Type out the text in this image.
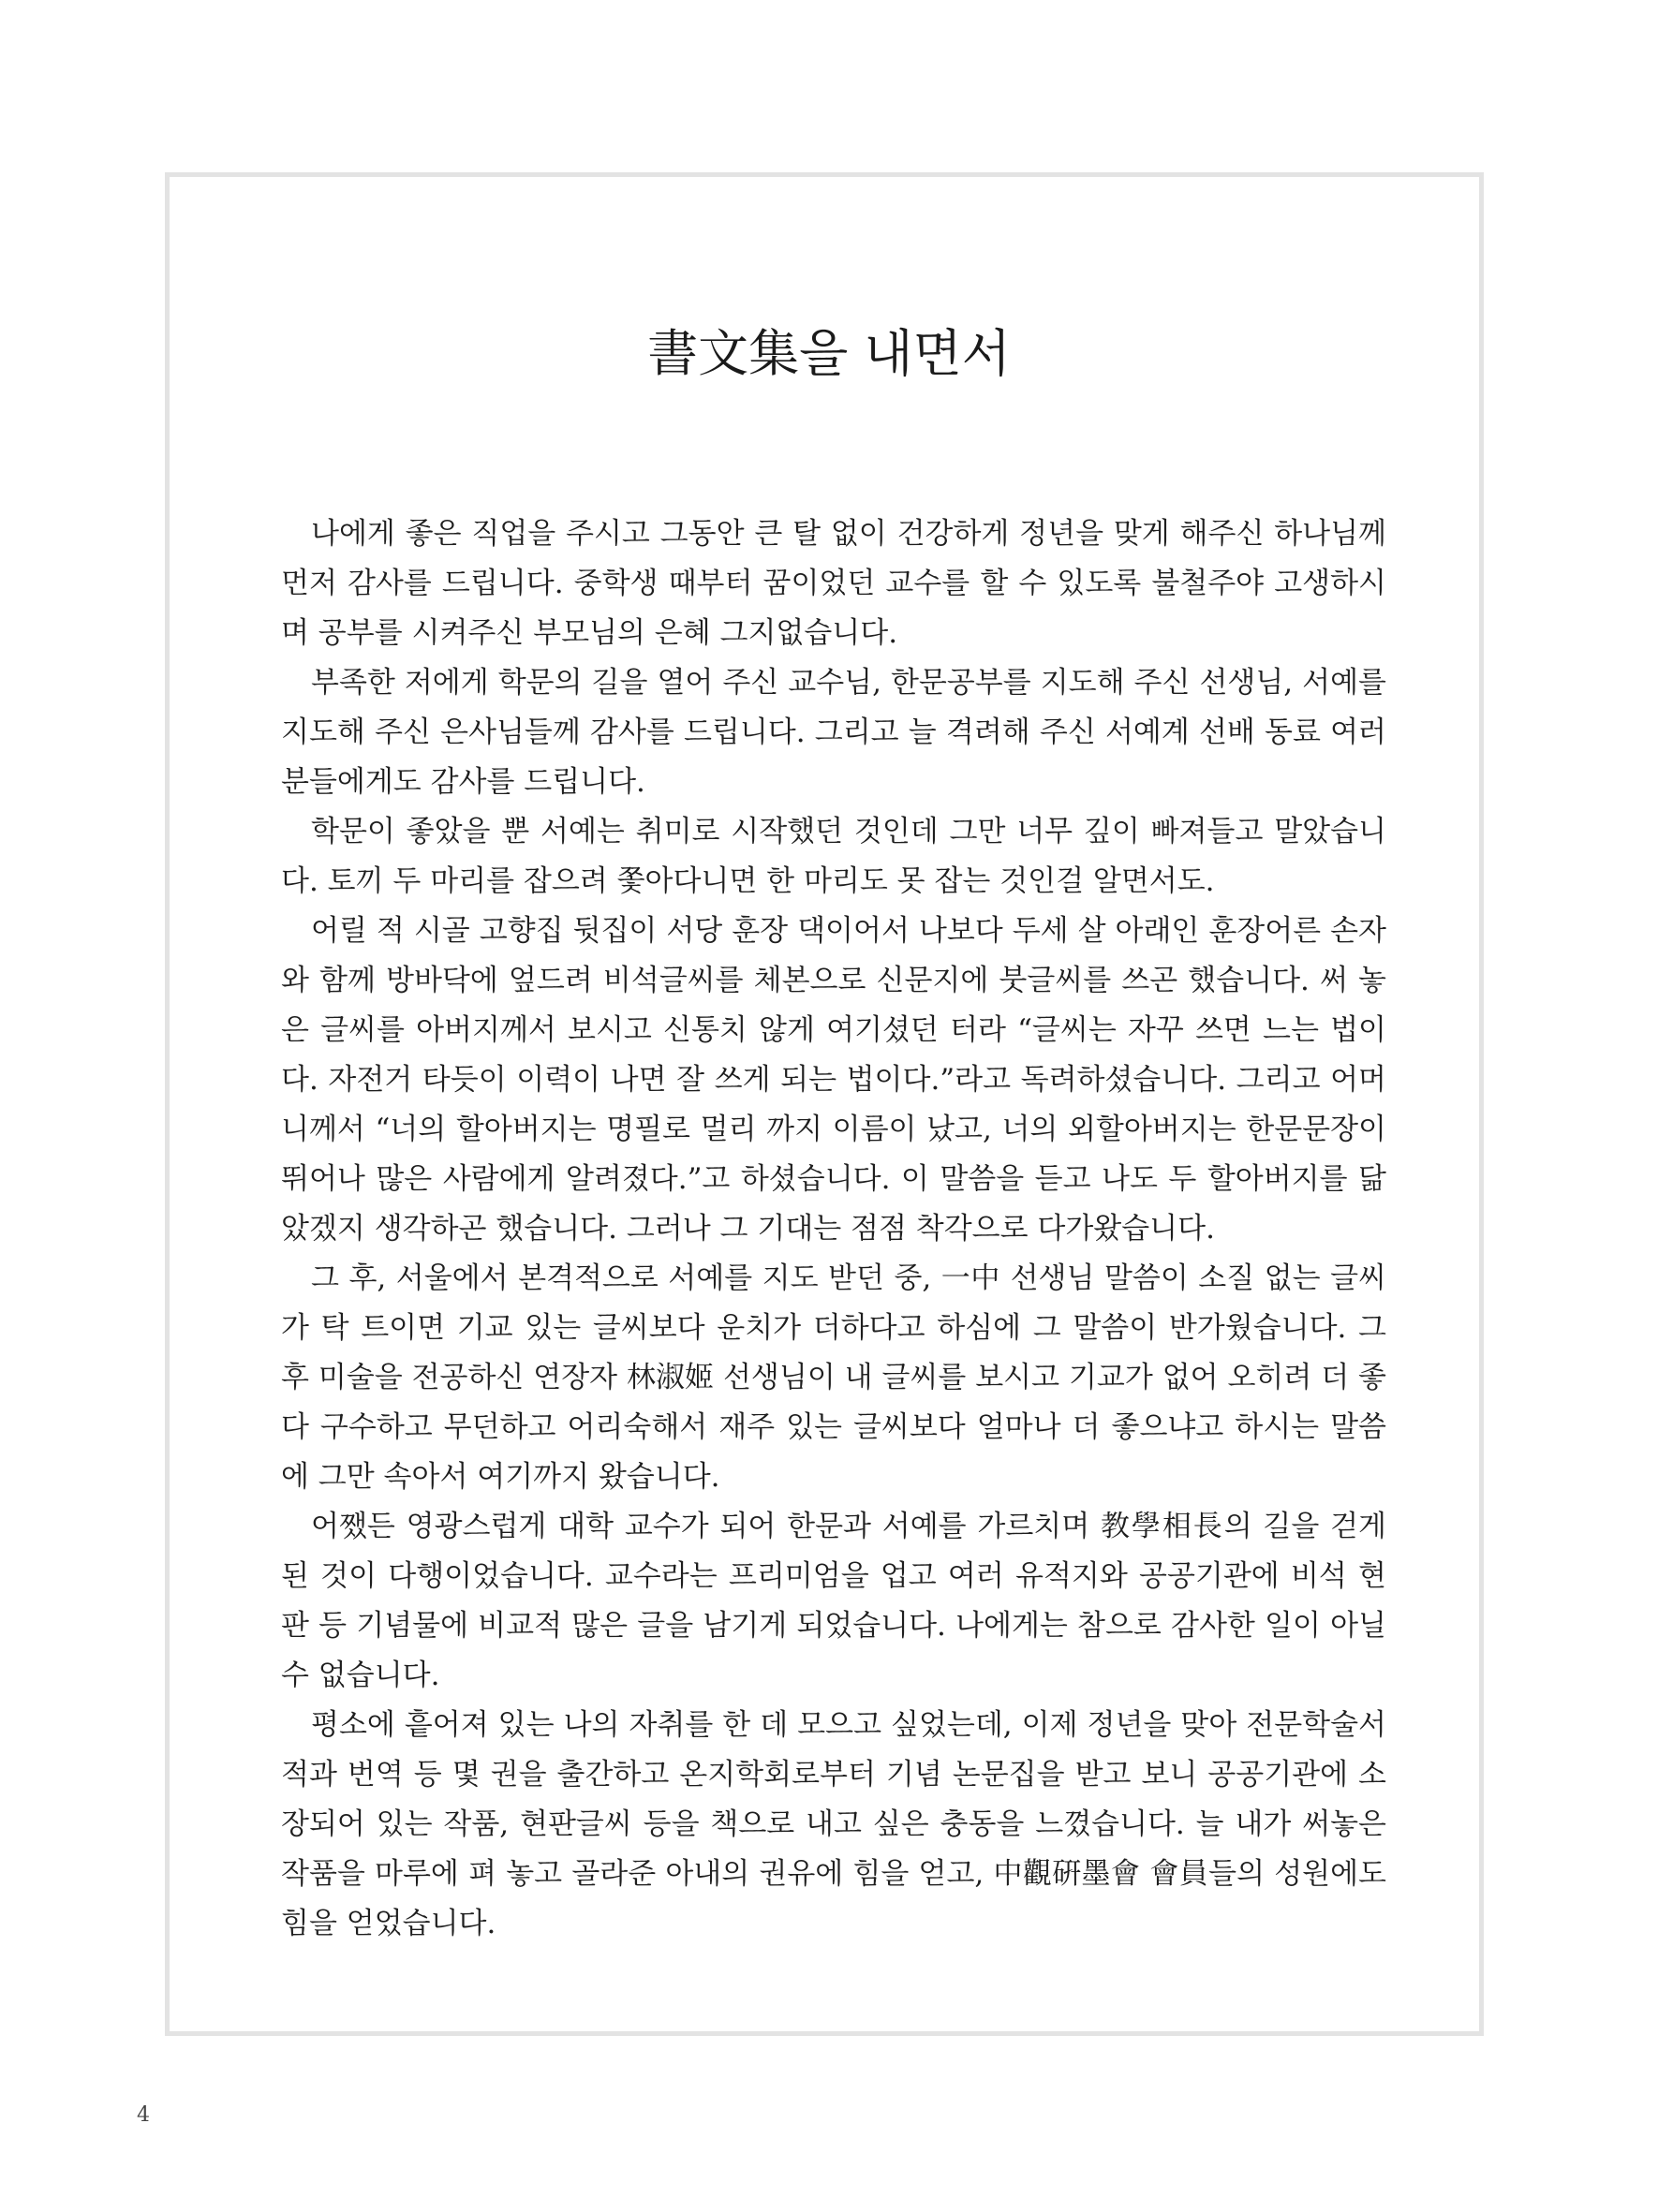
書文集을 내면서

나에게 좋은 직업을 주시고 그동안 큰 탈 없이 건강하게 정년을 맞게 해주신 하나님께 먼저 감사를 드립니다. 중학생 때부터 꿈이었던 교수를 할 수 있도록 불철주야 고생하시며 공부를 시켜주신 부모님의 은혜 그지없습니다.

부족한 저에게 학문의 길을 열어 주신 교수님, 한문공부를 지도해 주신 선생님, 서예를 지도해 주신 은사님들께 감사를 드립니다. 그리고 늘 격려해 주신 서예계 선배 동료 여러 분들에게도 감사를 드립니다.

학문이 좋았을 뿐 서예는 취미로 시작했던 것인데 그만 너무 깊이 빠져들고 말았습니다. 토끼 두 마리를 잡으려 쫓아다니면 한 마리도 못 잡는 것인걸 알면서도.

어릴 적 시골 고향집 뒷집이 서당 훈장 댁이어서 나보다 두세 살 아래인 훈장어른 손자와 함께 방바닥에 엎드려 비석글씨를 체본으로 신문지에 붓글씨를 쓰곤 했습니다. 써 놓은 글씨를 아버지께서 보시고 신통치 않게 여기셨던 터라 “글씨는 자꾸 쓰면 느는 법이다. 자전거 타듯이 이력이 나면 잘 쓰게 되는 법이다.”라고 독려하셨습니다. 그리고 어머니께서 “너의 할아버지는 명필로 멀리 까지 이름이 났고, 너의 외할아버지는 한문문장이 뛰어나 많은 사람에게 알려졌다.”고 하셨습니다. 이 말씀을 듣고 나도 두 할아버지를 닮았겠지 생각하곤 했습니다. 그러나 그 기대는 점점 착각으로 다가왔습니다.

그 후, 서울에서 본격적으로 서예를 지도 받던 중, 一中 선생님 말씀이 소질 없는 글씨가 탁 트이면 기교 있는 글씨보다 운치가 더하다고 하심에 그 말씀이 반가웠습니다. 그 후 미술을 전공하신 연장자 林淑姬 선생님이 내 글씨를 보시고 기교가 없어 오히려 더 좋다 구수하고 무던하고 어리숙해서 재주 있는 글씨보다 얼마나 더 좋으냐고 하시는 말씀에 그만 속아서 여기까지 왔습니다.

어쨌든 영광스럽게 대학 교수가 되어 한문과 서예를 가르치며 教學相長의 길을 걷게 된 것이 다행이었습니다. 교수라는 프리미엄을 업고 여러 유적지와 공공기관에 비석 현판 등 기념물에 비교적 많은 글을 남기게 되었습니다. 나에게는 참으로 감사한 일이 아닐 수 없습니다.

평소에 흩어져 있는 나의 자취를 한 데 모으고 싶었는데, 이제 정년을 맞아 전문학술서적과 번역 등 몇 권을 출간하고 온지학회로부터 기념 논문집을 받고 보니 공공기관에 소장되어 있는 작품, 현판글씨 등을 책으로 내고 싶은 충동을 느꼈습니다. 늘 내가 써놓은 작품을 마루에 펴 놓고 골라준 아내의 권유에 힘을 얻고, 中觀硏墨會 會員들의 성원에도 힘을 얻었습니다.

4
